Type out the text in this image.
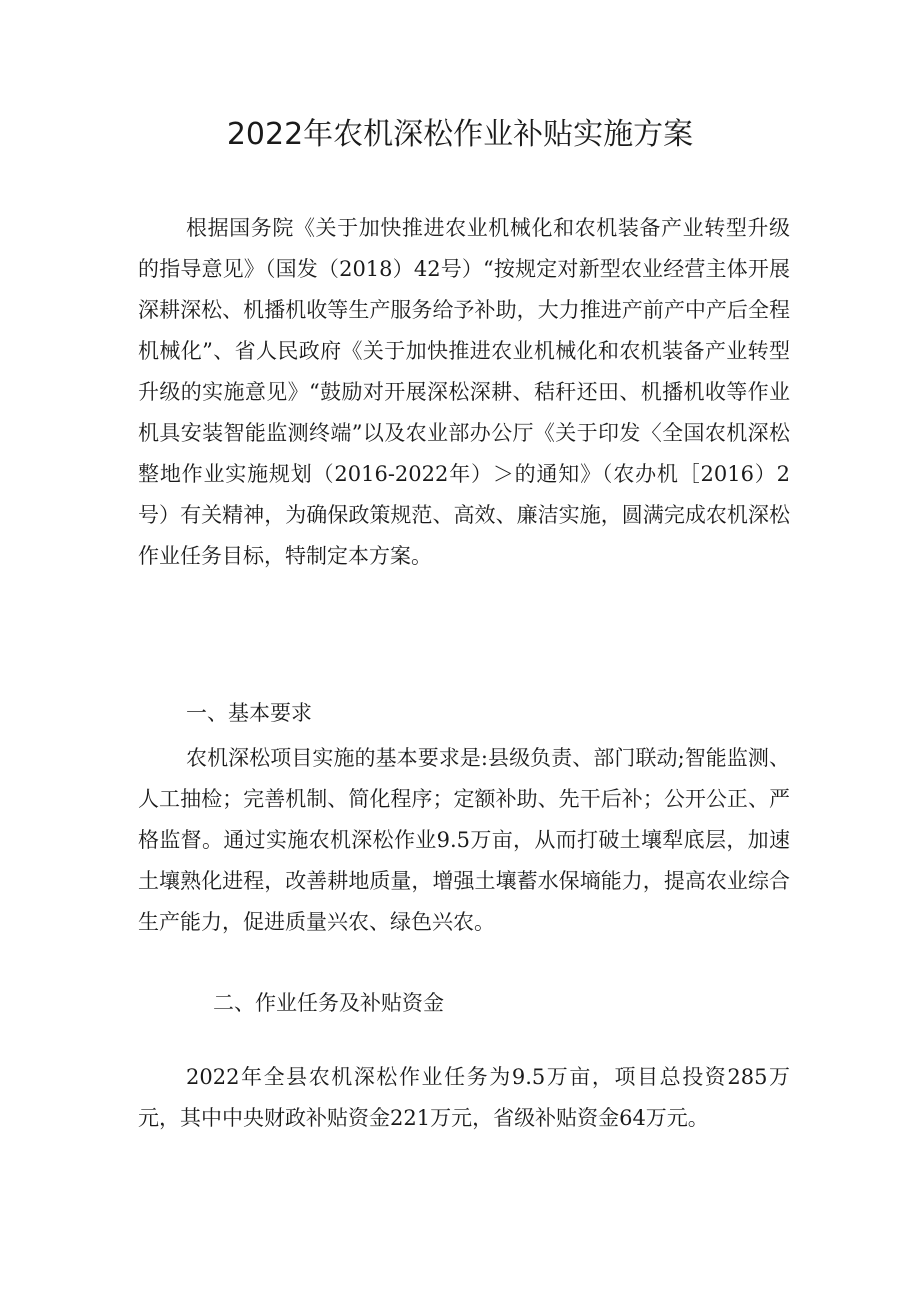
2022年农机深松作业补贴实施方案

根据国务院《关于加快推进农业机械化和农机装备产业转型升级的指导意见》（国发（2018）42号）“按规定对新型农业经营主体开展深耕深松、机播机收等生产服务给予补助，大力推进产前产中产后全程机械化”、省人民政府《关于加快推进农业机械化和农机装备产业转型升级的实施意见》“鼓励对开展深松深耕、秸秆还田、机播机收等作业机具安装智能监测终端”以及农业部办公厅《关于印发〈全国农机深松整地作业实施规划（2016-2022年）＞的通知》（农办机［2016）2号）有关精神，为确保政策规范、高效、廉洁实施，圆满完成农机深松作业任务目标，特制定本方案。

一、基本要求

农机深松项目实施的基本要求是:县级负责、部门联动;智能监测、人工抽检；完善机制、简化程序；定额补助、先干后补；公开公正、严格监督。通过实施农机深松作业9.5万亩，从而打破土壤犁底层，加速土壤熟化进程，改善耕地质量，增强土壤蓄水保墒能力，提高农业综合生产能力，促进质量兴农、绿色兴农。

二、作业任务及补贴资金

2022年全县农机深松作业任务为9.5万亩，项目总投资285万元，其中中央财政补贴资金221万元，省级补贴资金64万元。
